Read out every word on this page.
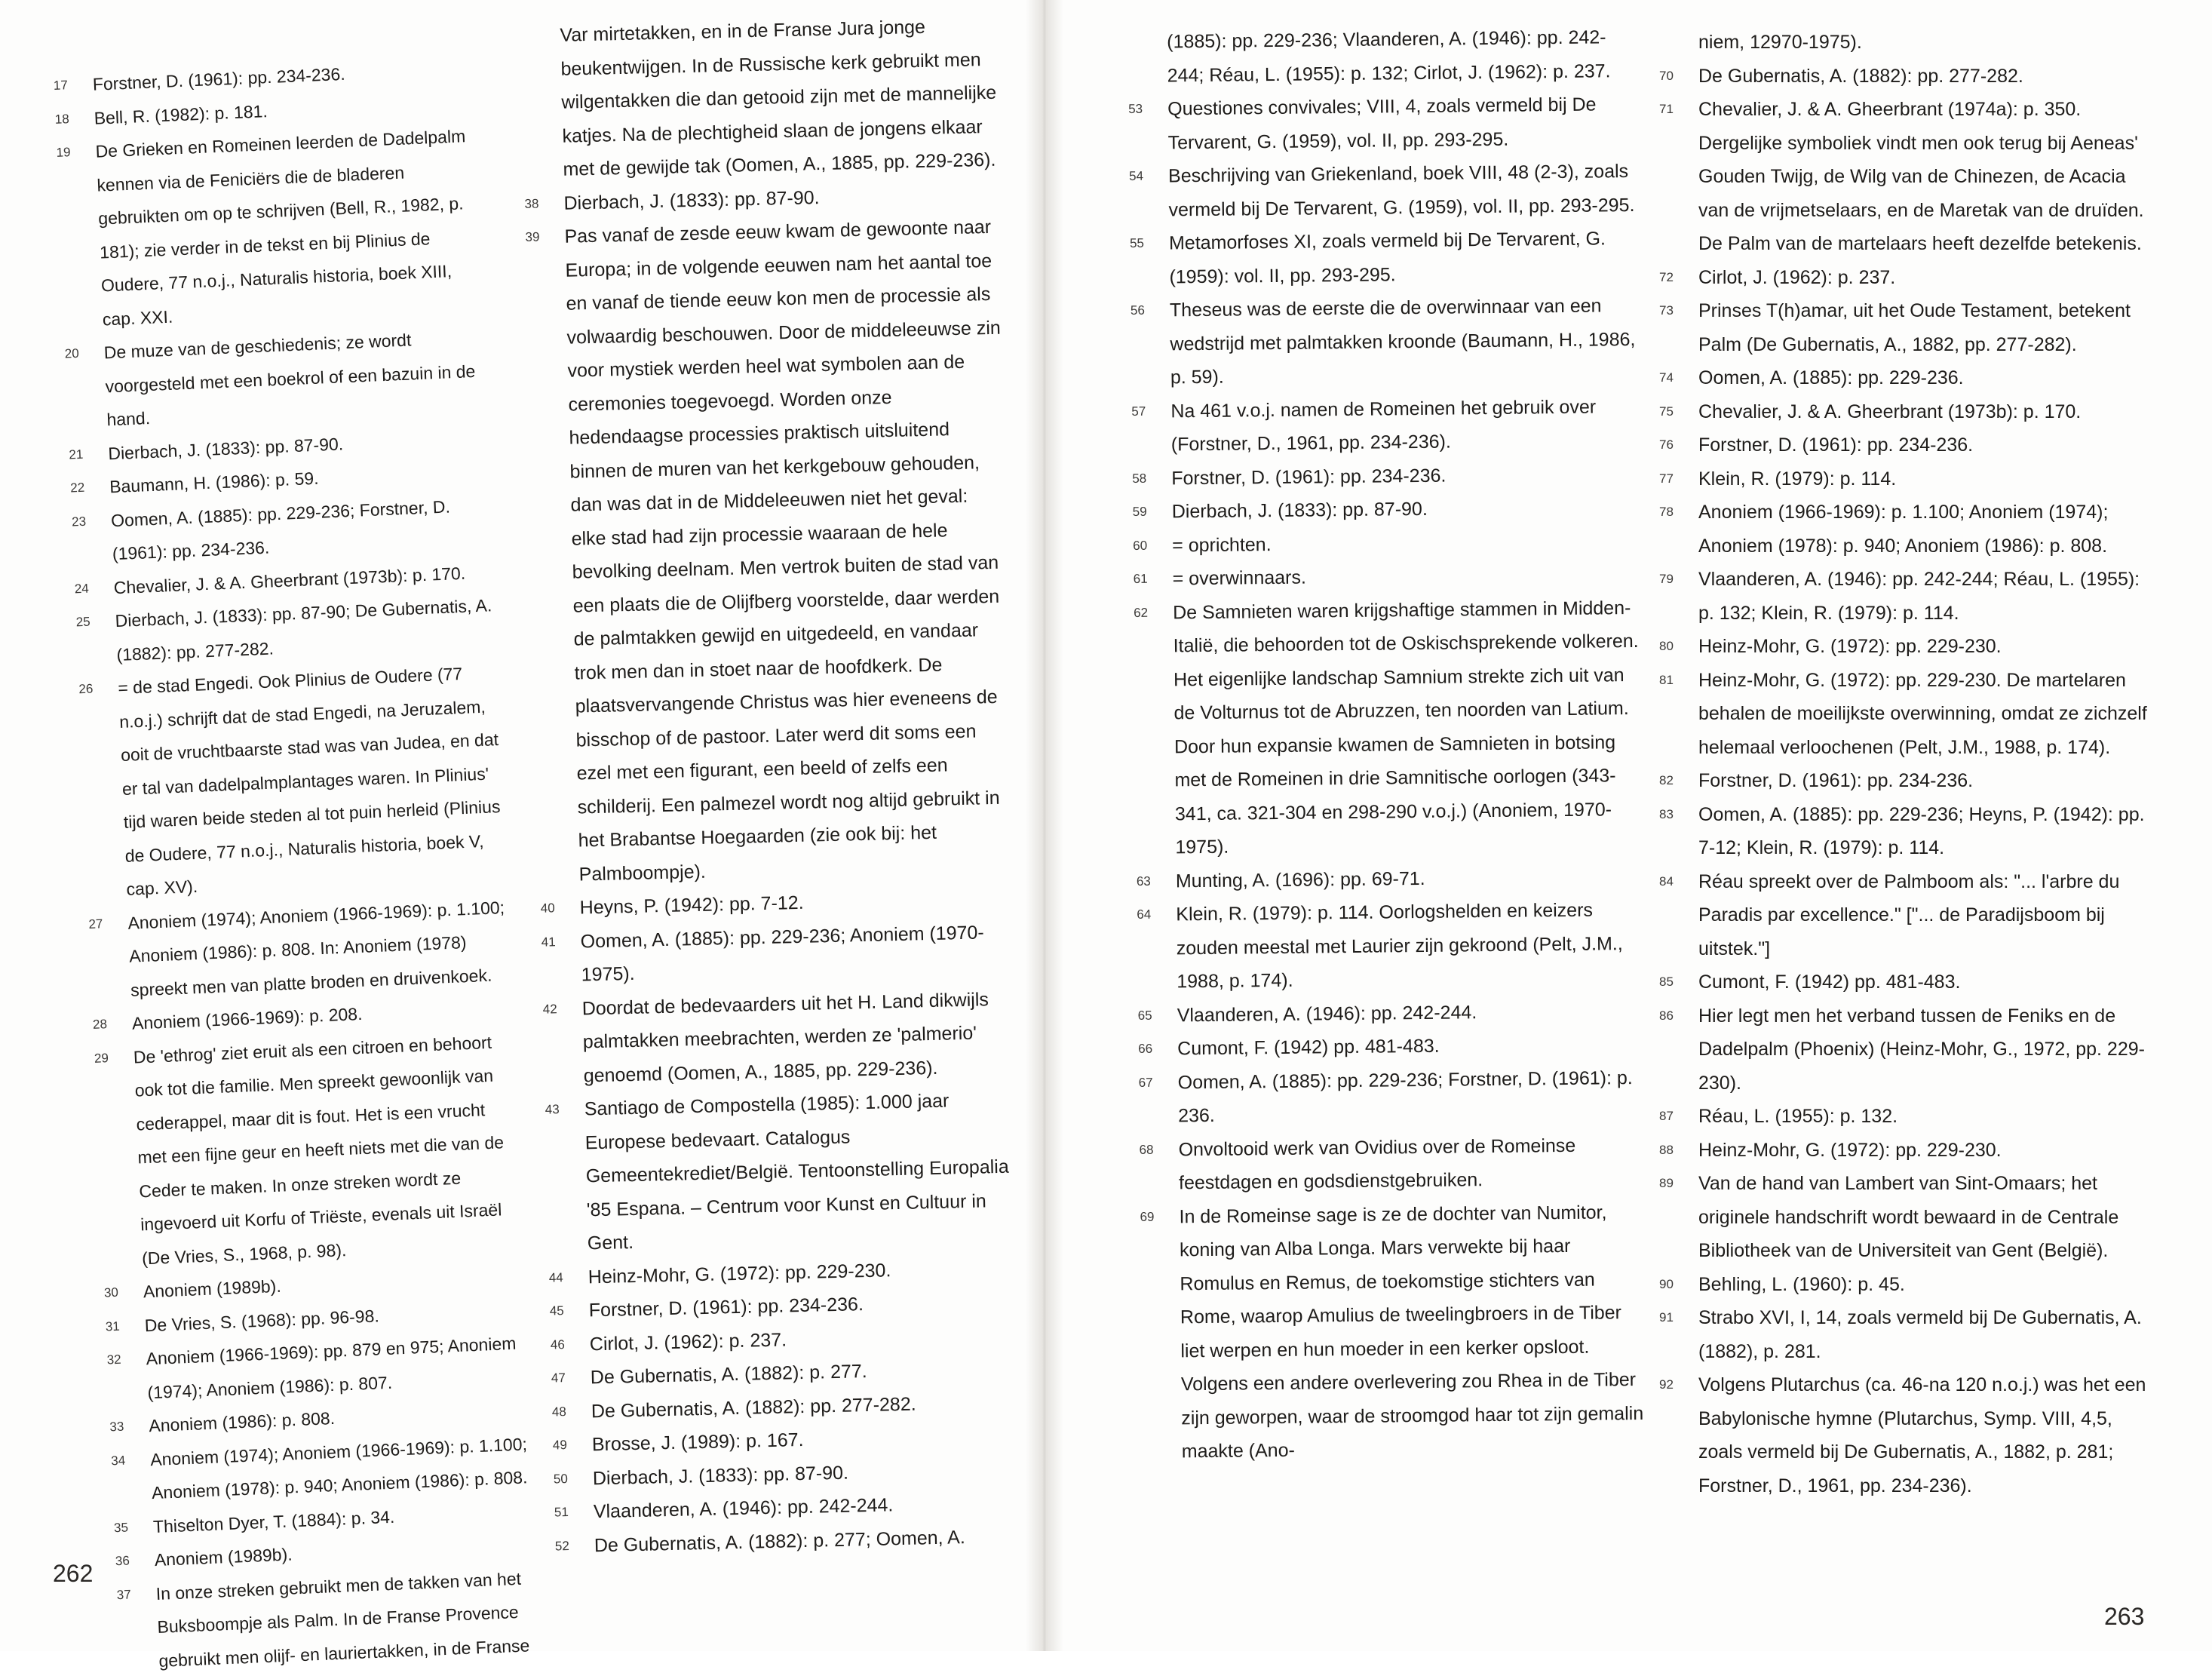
17	Forstner, D. (1961): pp. 234-236.
18	Bell, R. (1982): p. 181.
19	De Grieken en Romeinen leerden de Dadelpalm kennen via de Feniciërs die de bladeren gebruikten om op te schrijven (Bell, R., 1982, p. 181); zie verder in de tekst en bij Plinius de Oudere, 77 n.o.j., Naturalis historia, boek XIII, cap. XXI.
20	De muze van de geschiedenis; ze wordt voorgesteld met een boekrol of een bazuin in de hand.
21	Dierbach, J. (1833): pp. 87-90.
22	Baumann, H. (1986): p. 59.
23	Oomen, A. (1885): pp. 229-236; Forstner, D. (1961): pp. 234-236.
24	Chevalier, J. & A. Gheerbrant (1973b): p. 170.
25	Dierbach, J. (1833): pp. 87-90; De Gubernatis, A. (1882): pp. 277-282.
26	= de stad Engedi. Ook Plinius de Oudere (77 n.o.j.) schrijft dat de stad Engedi, na Jeruzalem, ooit de vruchtbaarste stad was van Judea, en dat er tal van dadelpalmplantages waren. In Plinius' tijd waren beide steden al tot puin herleid (Plinius de Oudere, 77 n.o.j., Naturalis historia, boek V, cap. XV).
27	Anoniem (1974); Anoniem (1966-1969): p. 1.100; Anoniem (1986): p. 808. In: Anoniem (1978) spreekt men van platte broden en druivenkoek.
28	Anoniem (1966-1969): p. 208.
29	De 'ethrog' ziet eruit als een citroen en behoort ook tot die familie. Men spreekt gewoonlijk van cederappel, maar dit is fout. Het is een vrucht met een fijne geur en heeft niets met die van de Ceder te maken. In onze streken wordt ze ingevoerd uit Korfu of Triëste, evenals uit Israël (De Vries, S., 1968, p. 98).
30	Anoniem (1989b).
31	De Vries, S. (1968): pp. 96-98.
32	Anoniem (1966-1969): pp. 879 en 975; Anoniem (1974); Anoniem (1986): p. 807.
33	Anoniem (1986): p. 808.
34	Anoniem (1974); Anoniem (1966-1969): p. 1.100; Anoniem (1978): p. 940; Anoniem (1986): p. 808.
35	Thiselton Dyer, T. (1884): p. 34.
36	Anoniem (1989b).
37	In onze streken gebruikt men de takken van het Buksboompje als Palm. In de Franse Provence gebruikt men olijf- en lauriertakken, in de Franse
Var mirtetakken, en in de Franse Jura jonge beukentwijgen. In de Russische kerk gebruikt men wilgentakken die dan getooid zijn met de mannelijke katjes. Na de plechtigheid slaan de jongens elkaar met de gewijde tak (Oomen, A., 1885, pp. 229-236).
38	Dierbach, J. (1833): pp. 87-90.
39	Pas vanaf de zesde eeuw kwam de gewoonte naar Europa; in de volgende eeuwen nam het aantal toe en vanaf de tiende eeuw kon men de processie als volwaardig beschouwen. Door de middeleeuwse zin voor mystiek werden heel wat symbolen aan de ceremonies toegevoegd. Worden onze hedendaagse processies praktisch uitsluitend binnen de muren van het kerkgebouw gehouden, dan was dat in de Middeleeuwen niet het geval: elke stad had zijn processie waaraan de hele bevolking deelnam. Men vertrok buiten de stad van een plaats die de Olijfberg voorstelde, daar werden de palmtakken gewijd en uitgedeeld, en vandaar trok men dan in stoet naar de hoofdkerk. De plaatsvervangende Christus was hier eveneens de bisschop of de pastoor. Later werd dit soms een ezel met een figurant, een beeld of zelfs een schilderij. Een palmezel wordt nog altijd gebruikt in het Brabantse Hoegaarden (zie ook bij: het Palmboompje).
40	Heyns, P. (1942): pp. 7-12.
41	Oomen, A. (1885): pp. 229-236; Anoniem (1970-1975).
42	Doordat de bedevaarders uit het H. Land dikwijls palmtakken meebrachten, werden ze 'palmerio' genoemd (Oomen, A., 1885, pp. 229-236).
43	Santiago de Compostella (1985): 1.000 jaar Europese bedevaart. Catalogus Gemeentekrediet/België. Tentoonstelling Europalia '85 Espana. – Centrum voor Kunst en Cultuur in Gent.
44	Heinz-Mohr, G. (1972): pp. 229-230.
45	Forstner, D. (1961): pp. 234-236.
46	Cirlot, J. (1962): p. 237.
47	De Gubernatis, A. (1882): p. 277.
48	De Gubernatis, A. (1882): pp. 277-282.
49	Brosse, J. (1989): p. 167.
50	Dierbach, J. (1833): pp. 87-90.
51	Vlaanderen, A. (1946): pp. 242-244.
52	De Gubernatis, A. (1882): p. 277; Oomen, A.
262
(1885): pp. 229-236; Vlaanderen, A. (1946): pp. 242-244; Réau, L. (1955): p. 132; Cirlot, J. (1962): p. 237.
53	Questiones convivales; VIII, 4, zoals vermeld bij De Tervarent, G. (1959), vol. II, pp. 293-295.
54	Beschrijving van Griekenland, boek VIII, 48 (2-3), zoals vermeld bij De Tervarent, G. (1959), vol. II, pp. 293-295.
55	Metamorfoses XI, zoals vermeld bij De Tervarent, G. (1959): vol. II, pp. 293-295.
56	Theseus was de eerste die de overwinnaar van een wedstrijd met palmtakken kroonde (Baumann, H., 1986, p. 59).
57	Na 461 v.o.j. namen de Romeinen het gebruik over (Forstner, D., 1961, pp. 234-236).
58	Forstner, D. (1961): pp. 234-236.
59	Dierbach, J. (1833): pp. 87-90.
60	= oprichten.
61	= overwinnaars.
62	De Samnieten waren krijgshaftige stammen in Midden-Italië, die behoorden tot de Oskischsprekende volkeren. Het eigenlijke landschap Samnium strekte zich uit van de Volturnus tot de Abruzzen, ten noorden van Latium. Door hun expansie kwamen de Samnieten in botsing met de Romeinen in drie Samnitische oorlogen (343-341, ca. 321-304 en 298-290 v.o.j.) (Anoniem, 1970-1975).
63	Munting, A. (1696): pp. 69-71.
64	Klein, R. (1979): p. 114. Oorlogshelden en keizers zouden meestal met Laurier zijn gekroond (Pelt, J.M., 1988, p. 174).
65	Vlaanderen, A. (1946): pp. 242-244.
66	Cumont, F. (1942) pp. 481-483.
67	Oomen, A. (1885): pp. 229-236; Forstner, D. (1961): p. 236.
68	Onvoltooid werk van Ovidius over de Romeinse feestdagen en godsdienstgebruiken.
69	In de Romeinse sage is ze de dochter van Numitor, koning van Alba Longa. Mars verwekte bij haar Romulus en Remus, de toekomstige stichters van Rome, waarop Amulius de tweelingbroers in de Tiber liet werpen en hun moeder in een kerker opsloot. Volgens een andere overlevering zou Rhea in de Tiber zijn geworpen, waar de stroomgod haar tot zijn gemalin maakte (Ano-
niem, 12970-1975).
70	De Gubernatis, A. (1882): pp. 277-282.
71	Chevalier, J. & A. Gheerbrant (1974a): p. 350. Dergelijke symboliek vindt men ook terug bij Aeneas' Gouden Twijg, de Wilg van de Chinezen, de Acacia van de vrijmetselaars, en de Maretak van de druïden. De Palm van de martelaars heeft dezelfde betekenis.
72	Cirlot, J. (1962): p. 237.
73	Prinses T(h)amar, uit het Oude Testament, betekent Palm (De Gubernatis, A., 1882, pp. 277-282).
74	Oomen, A. (1885): pp. 229-236.
75	Chevalier, J. & A. Gheerbrant (1973b): p. 170.
76	Forstner, D. (1961): pp. 234-236.
77	Klein, R. (1979): p. 114.
78	Anoniem (1966-1969): p. 1.100; Anoniem (1974); Anoniem (1978): p. 940; Anoniem (1986): p. 808.
79	Vlaanderen, A. (1946): pp. 242-244; Réau, L. (1955): p. 132; Klein, R. (1979): p. 114.
80	Heinz-Mohr, G. (1972): pp. 229-230.
81	Heinz-Mohr, G. (1972): pp. 229-230. De martelaren behalen de moeilijkste overwinning, omdat ze zichzelf helemaal verloochenen (Pelt, J.M., 1988, p. 174).
82	Forstner, D. (1961): pp. 234-236.
83	Oomen, A. (1885): pp. 229-236; Heyns, P. (1942): pp. 7-12; Klein, R. (1979): p. 114.
84	Réau spreekt over de Palmboom als: "... l'arbre du Paradis par excellence." ["... de Paradijsboom bij uitstek."]
85	Cumont, F. (1942) pp. 481-483.
86	Hier legt men het verband tussen de Feniks en de Dadelpalm (Phoenix) (Heinz-Mohr, G., 1972, pp. 229-230).
87	Réau, L. (1955): p. 132.
88	Heinz-Mohr, G. (1972): pp. 229-230.
89	Van de hand van Lambert van Sint-Omaars; het originele handschrift wordt bewaard in de Centrale Bibliotheek van de Universiteit van Gent (België).
90	Behling, L. (1960): p. 45.
91	Strabo XVI, I, 14, zoals vermeld bij De Gubernatis, A. (1882), p. 281.
92	Volgens Plutarchus (ca. 46-na 120 n.o.j.) was het een Babylonische hymne (Plutarchus, Symp. VIII, 4,5, zoals vermeld bij De Gubernatis, A., 1882, p. 281; Forstner, D., 1961, pp. 234-236).
263
